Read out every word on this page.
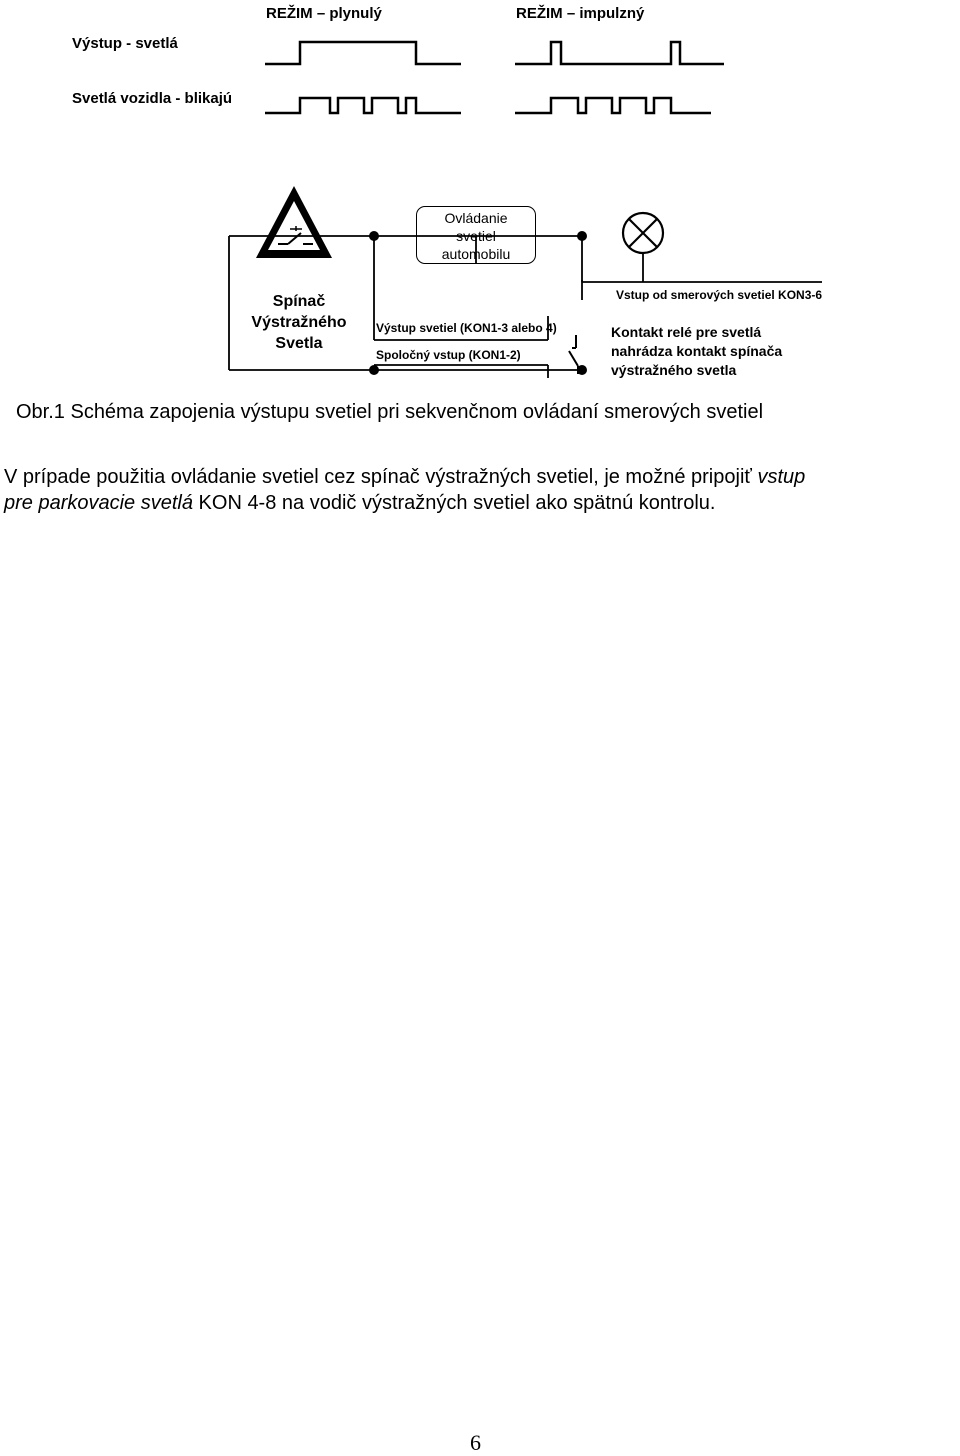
REŽIM – plynulý	REŽIM – impulzný
Výstup - svetlá
Svetlá vozidla - blikajú
Ovládanie
svetiel
automobilu
Spínač
Výstražného
Svetla
Výstup svetiel (KON1-3 alebo 4)
Spoločný vstup (KON1-2)
Vstup od smerových svetiel KON3-6
Kontakt relé pre svetlá
nahrádza kontakt spínača
výstražného svetla
Obr.1 Schéma zapojenia výstupu svetiel pri sekvenčnom ovládaní smerových svetiel
V prípade použitia ovládanie svetiel cez spínač výstražných svetiel, je možné pripojiť vstup
pre parkovacie svetlá KON 4-8 na vodič výstražných svetiel ako spätnú kontrolu.
6
